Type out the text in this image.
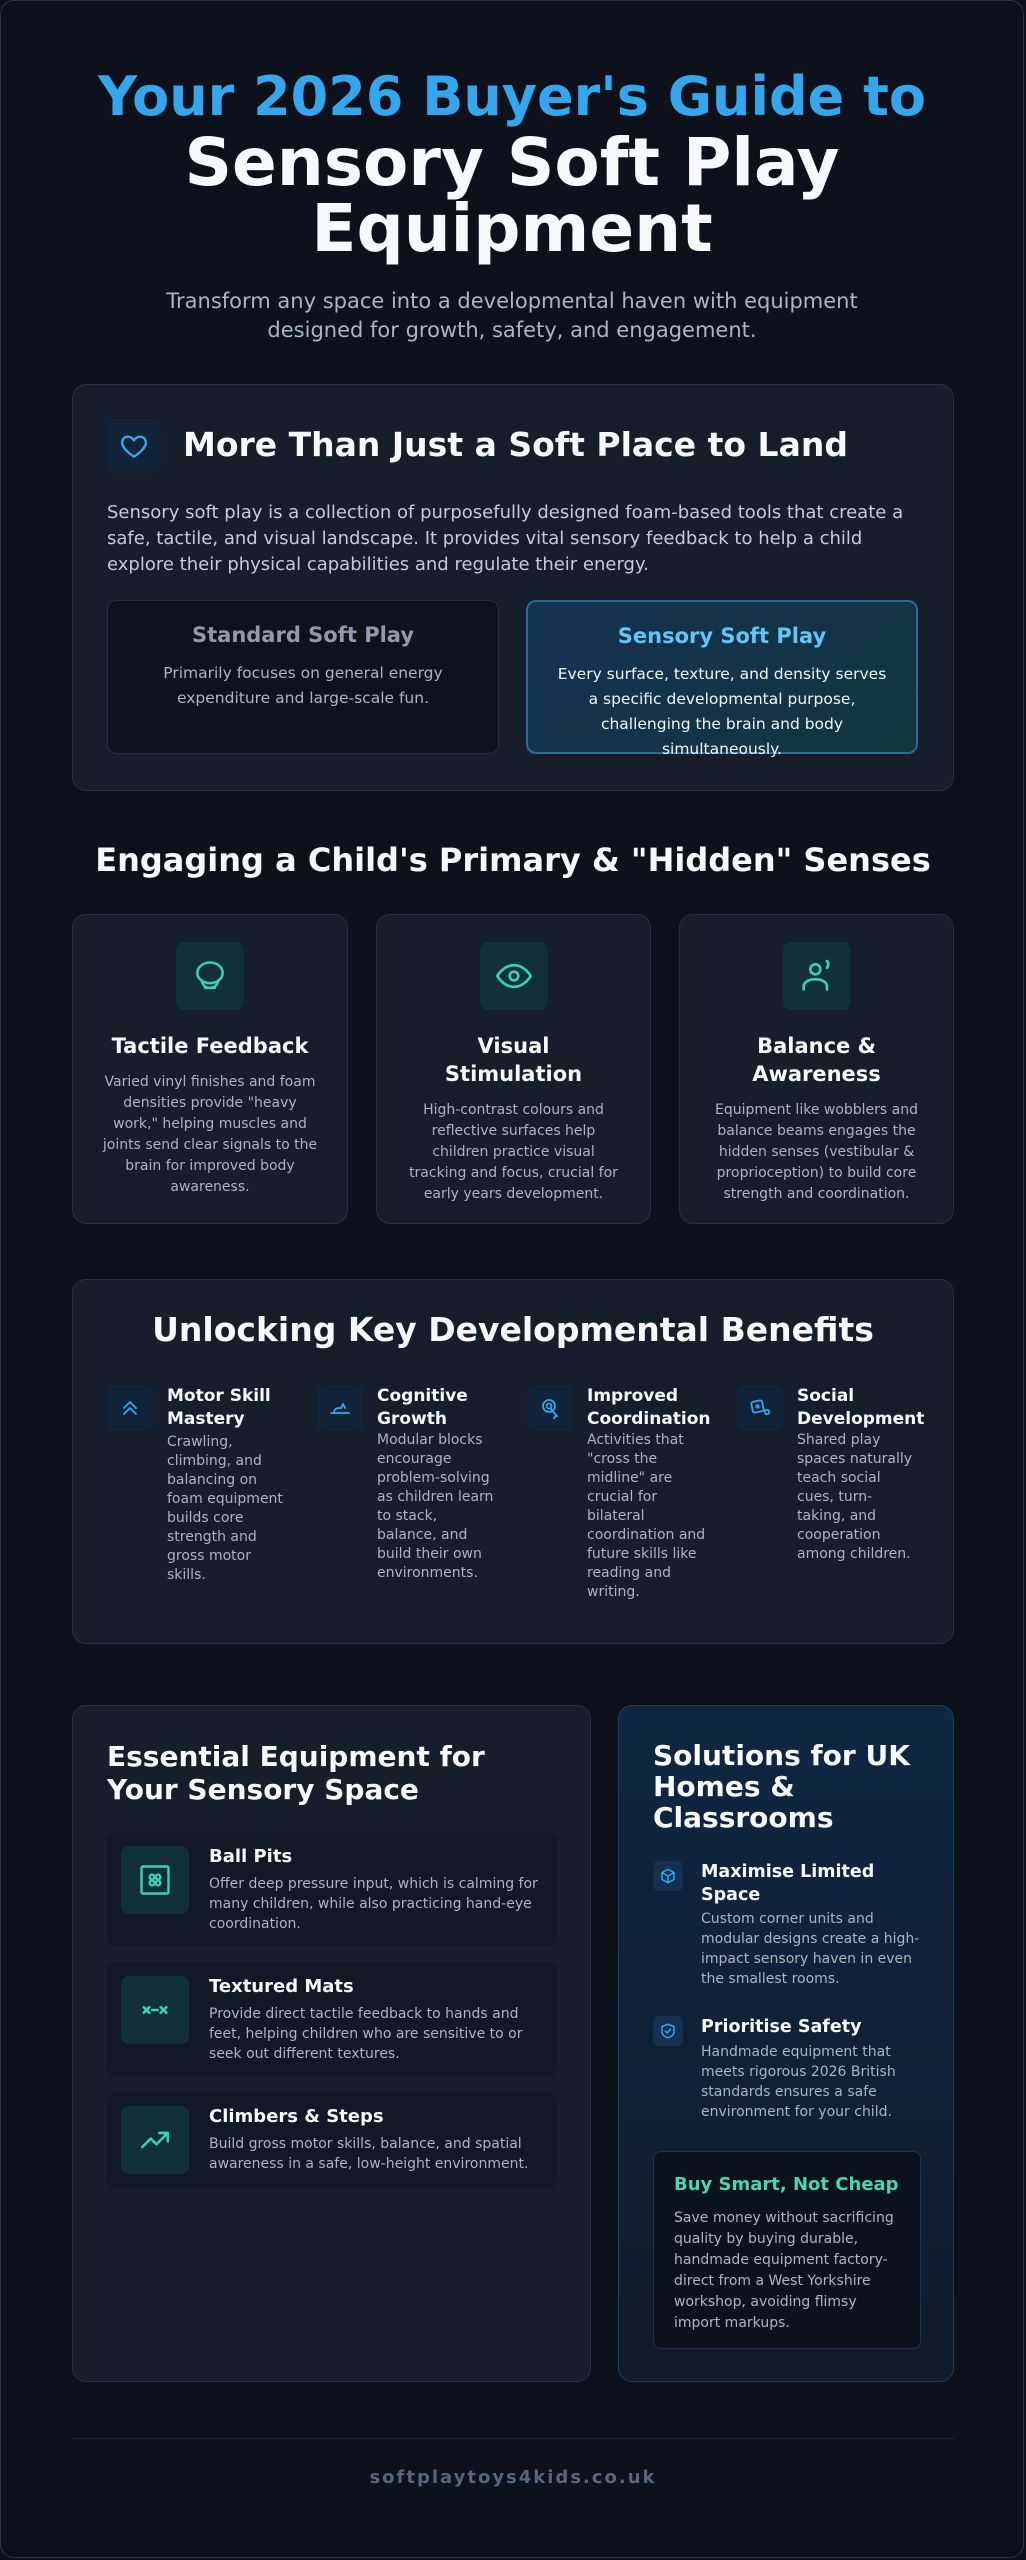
Your 2026 Buyer's Guide to
Sensory Soft Play
Equipment
Transform any space into a developmental haven with equipment designed for growth, safety, and engagement.
More Than Just a Soft Place to Land
Sensory soft play is a collection of purposefully designed foam-based tools that create a safe, tactile, and visual landscape. It provides vital sensory feedback to help a child explore their physical capabilities and regulate their energy.
Standard Soft Play
Primarily focuses on general energy expenditure and large-scale fun.
Sensory Soft Play
Every surface, texture, and density serves a specific developmental purpose, challenging the brain and body simultaneously.
Engaging a Child's Primary & "Hidden" Senses
Tactile Feedback
Varied vinyl finishes and foam densities provide "heavy work," helping muscles and joints send clear signals to the brain for improved body awareness.
Visual Stimulation
High-contrast colours and reflective surfaces help children practice visual tracking and focus, crucial for early years development.
Balance & Awareness
Equipment like wobblers and balance beams engages the hidden senses (vestibular & proprioception) to build core strength and coordination.
Unlocking Key Developmental Benefits
Motor Skill Mastery
Crawling, climbing, and balancing on foam equipment builds core strength and gross motor skills.
Cognitive Growth
Modular blocks encourage problem-solving as children learn to stack, balance, and build their own environments.
Improved Coordination
Activities that "cross the midline" are crucial for bilateral coordination and future skills like reading and writing.
Social Development
Shared play spaces naturally teach social cues, turn-taking, and cooperation among children.
Essential Equipment for Your Sensory Space
Ball Pits
Offer deep pressure input, which is calming for many children, while also practicing hand-eye coordination.
Textured Mats
Provide direct tactile feedback to hands and feet, helping children who are sensitive to or seek out different textures.
Climbers & Steps
Build gross motor skills, balance, and spatial awareness in a safe, low-height environment.
Solutions for UK Homes & Classrooms
Maximise Limited Space
Custom corner units and modular designs create a high-impact sensory haven in even the smallest rooms.
Prioritise Safety
Handmade equipment that meets rigorous 2026 British standards ensures a safe environment for your child.
Buy Smart, Not Cheap
Save money without sacrificing quality by buying durable, handmade equipment factory-direct from a West Yorkshire workshop, avoiding flimsy import markups.
softplaytoys4kids.co.uk
